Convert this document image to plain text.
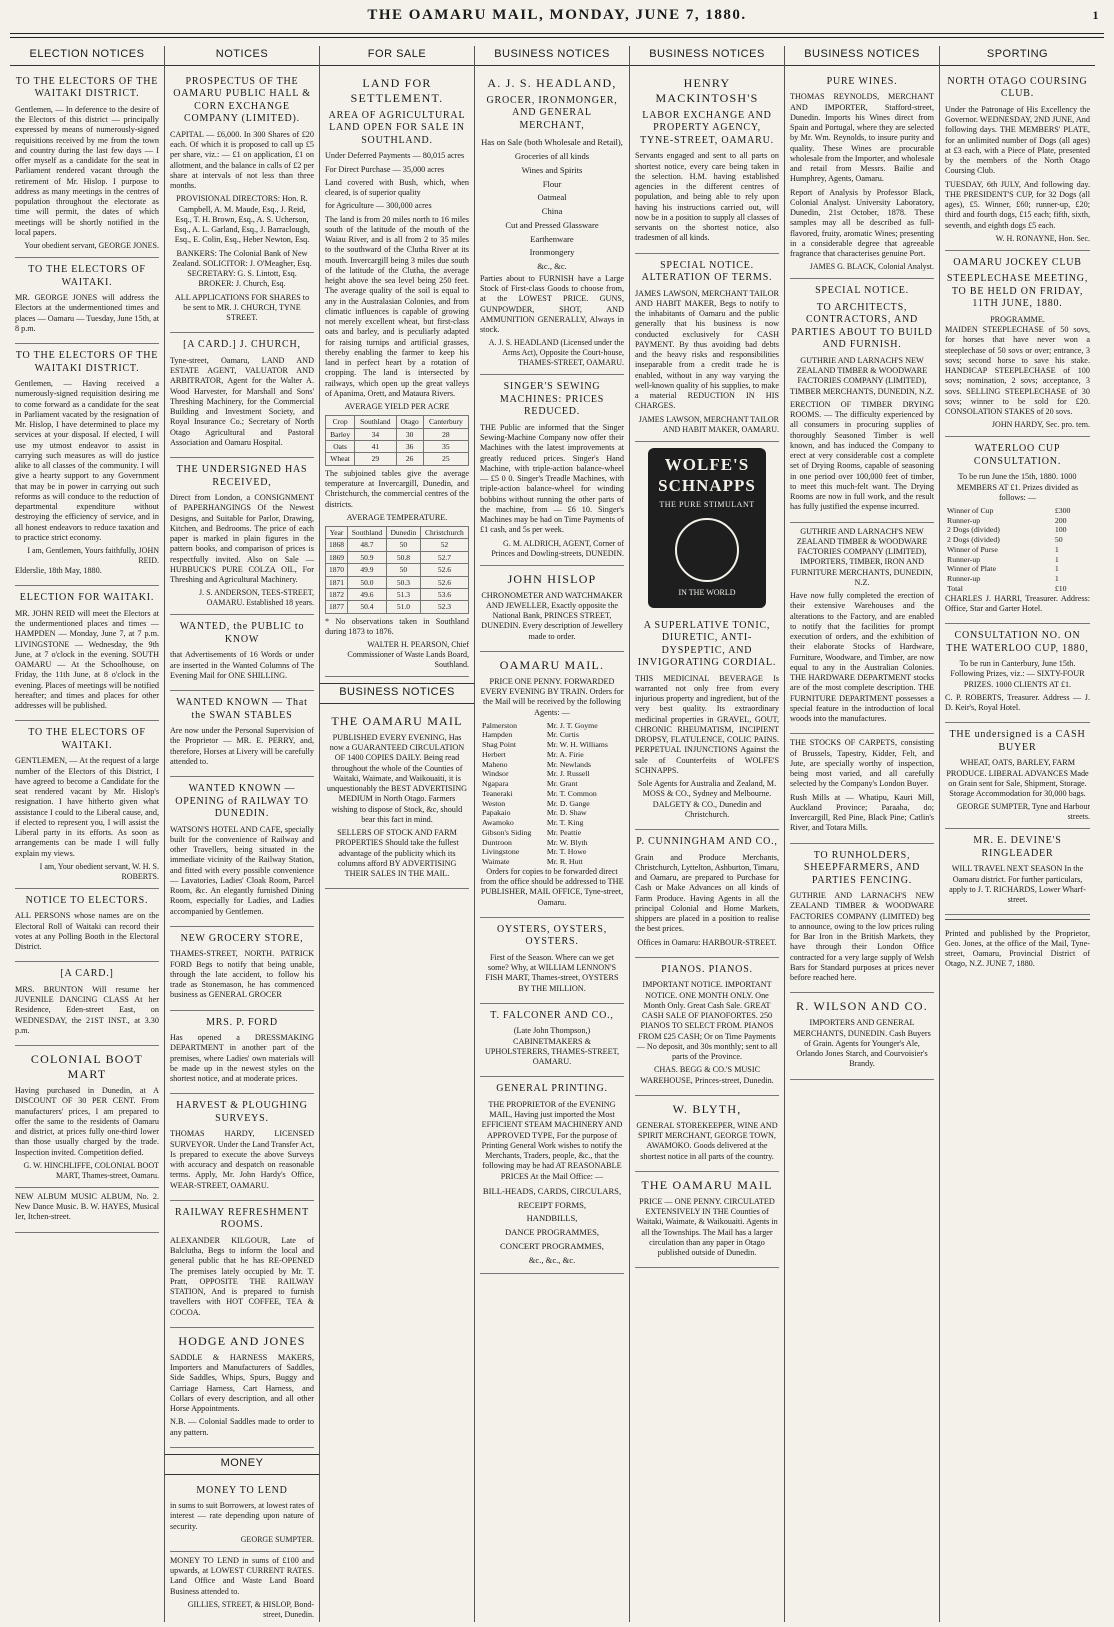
THE OAMARU MAIL, MONDAY, JUNE 7, 1880.	1
ELECTION NOTICES
TO THE ELECTORS OF THE WAITAKI DISTRICT.

Gentlemen, — In deference to the desire of the Electors of this district — principally expressed by means of numerously-signed requisitions received by me from the town and country during the last few days — I offer myself as a candidate for the seat in Parliament rendered vacant through the retirement of Mr. Hislop. I purpose to address as many meetings in the centres of population throughout the electorate as time will permit, the dates of which meetings will be shortly notified in the local papers.

Your obedient servant, GEORGE JONES.
TO THE ELECTORS OF WAITAKI.

MR. GEORGE JONES will address the Electors at the undermentioned times and places — Oamaru — Tuesday, June 15th, at 8 p.m.

TO THE ELECTORS OF THE WAITAKI DISTRICT.

Gentlemen, — Having received a numerously-signed requisition desiring me to come forward as a candidate for the seat in Parliament vacated by the resignation of Mr. Hislop, I have determined to place my services at your disposal. If elected, I will use my utmost endeavor to assist in carrying such measures as will do justice alike to all classes of the community. I will give a hearty support to any Government that may be in power in carrying out such reforms as will conduce to the reduction of departmental expenditure without destroying the efficiency of service, and in all honest endeavors to reduce taxation and to practice strict economy.

I am, Gentlemen, Yours faithfully, JOHN REID.

Elderslie, 18th May, 1880.

ELECTION FOR WAITAKI.

MR. JOHN REID will meet the Electors at the undermentioned places and times — HAMPDEN — Monday, June 7, at 7 p.m. LIVINGSTONE — Wednesday, the 9th June, at 7 o'clock in the evening. SOUTH OAMARU — At the Schoolhouse, on Friday, the 11th June, at 8 o'clock in the evening. Places of meetings will be notified hereafter; and times and places for other addresses will be published.

TO THE ELECTORS OF WAITAKI.

GENTLEMEN, — At the request of a large number of the Electors of this District, I have agreed to become a Candidate for the seat rendered vacant by Mr. Hislop's resignation. I have hitherto given what assistance I could to the Liberal cause, and, if elected to represent you, I will assist the Liberal party in its efforts. As soon as arrangements can be made I will fully explain my views.

I am, Your obedient servant, W. H. S. ROBERTS.
NOTICE TO ELECTORS.

ALL PERSONS whose names are on the Electoral Roll of Waitaki can record their votes at any Polling Booth in the Electoral District.

[A CARD.]

MRS. BRUNTON Will resume her JUVENILE DANCING CLASS At her Residence, Eden-street East, on WEDNESDAY, the 21ST INST., at 3.30 p.m.

COLONIAL BOOT MART

Having purchased in Dunedin, at A DISCOUNT OF 30 PER CENT. From manufacturers' prices, I am prepared to offer the same to the residents of Oamaru and district, at prices fully one-third lower than those usually charged by the trade. Inspection invited. Competition defied.

G. W. HINCHLIFFE, COLONIAL BOOT MART, Thames-street, Oamaru.

NEW ALBUM MUSIC ALBUM, No. 2. New Dance Music. B. W. HAYES, Musical Ier, Itchen-street.

NOTICES
PROSPECTUS OF THE OAMARU PUBLIC HALL & CORN EXCHANGE COMPANY (LIMITED).

CAPITAL — £6,000. In 300 Shares of £20 each. Of which it is proposed to call up £5 per share, viz.: — £1 on application, £1 on allotment, and the balance in calls of £2 per share at intervals of not less than three months.

PROVISIONAL DIRECTORS: Hon. R. Campbell, A. M. Maude, Esq., J. Reid, Esq., T. H. Brown, Esq., A. S. Ucherson, Esq., A. L. Garland, Esq., J. Barraclough, Esq., E. Colin, Esq., Heber Newton, Esq.

BANKERS: The Colonial Bank of New Zealand. SOLICITOR: J. O'Meagher, Esq. SECRETARY: G. S. Lintott, Esq. BROKER: J. Church, Esq.

ALL APPLICATIONS FOR SHARES to be sent to MR. J. CHURCH, TYNE STREET.

[A CARD.] J. CHURCH,

Tyne-street, Oamaru, LAND AND ESTATE AGENT, VALUATOR AND ARBITRATOR, Agent for the Walter A. Wood Harvester, for Marshall and Sons' Threshing Machinery, for the Commercial Building and Investment Society, and Royal Insurance Co.; Secretary of North Otago Agricultural and Pastoral Association and Oamaru Hospital.

THE UNDERSIGNED HAS RECEIVED,

Direct from London, a CONSIGNMENT of PAPERHANGINGS Of the Newest Designs, and Suitable for Parlor, Drawing, Kitchen, and Bedrooms. The price of each paper is marked in plain figures in the pattern books, and comparison of prices is respectfully invited. Also on Sale — HUBBUCK'S PURE COLZA OIL, For Threshing and Agricultural Machinery.

J. S. ANDERSON, TEES-STREET, OAMARU. Established 18 years.
WANTED, the PUBLIC to KNOW

that Advertisements of 16 Words or under are inserted in the Wanted Columns of The Evening Mail for ONE SHILLING.

WANTED KNOWN — That the SWAN STABLES

Are now under the Personal Supervision of the Proprietor — MR. E. PERRY, and, therefore, Horses at Livery will be carefully attended to.

WANTED KNOWN — OPENING of RAILWAY TO DUNEDIN.

WATSON'S HOTEL AND CAFE, specially built for the convenience of Railway and other Travellers, being situated in the immediate vicinity of the Railway Station, and fitted with every possible convenience — Lavatories, Ladies' Cloak Room, Parcel Room, &c. An elegantly furnished Dining Room, especially for Ladies, and Ladies accompanied by Gentlemen.

NEW GROCERY STORE,

THAMES-STREET, NORTH. PATRICK FORD Begs to notify that being unable, through the late accident, to follow his trade as Stonemason, he has commenced business as GENERAL GROCER

MRS. P. FORD

Has opened a DRESSMAKING DEPARTMENT in another part of the premises, where Ladies' own materials will be made up in the newest styles on the shortest notice, and at moderate prices.

HARVEST & PLOUGHING SURVEYS.

THOMAS HARDY, LICENSED SURVEYOR. Under the Land Transfer Act, Is prepared to execute the above Surveys with accuracy and despatch on reasonable terms. Apply, Mr. John Hardy's Office, WEAR-STREET, OAMARU.

RAILWAY REFRESHMENT ROOMS.

ALEXANDER KILGOUR, Late of Balclutha, Begs to inform the local and general public that he has RE-OPENED The premises lately occupied by Mr. T. Pratt, OPPOSITE THE RAILWAY STATION, And is prepared to furnish travellers with HOT COFFEE, TEA & COCOA.

HODGE AND JONES

SADDLE & HARNESS MAKERS, Importers and Manufacturers of Saddles, Side Saddles, Whips, Spurs, Buggy and Carriage Harness, Cart Harness, and Collars of every description, and all other Horse Appointments.

N.B. — Colonial Saddles made to order to any pattern.

MONEY
MONEY TO LEND

in sums to suit Borrowers, at lowest rates of interest — rate depending upon nature of security.

GEORGE SUMPTER.

MONEY TO LEND in sums of £100 and upwards, at LOWEST CURRENT RATES. Land Office and Waste Land Board Business attended to.

GILLIES, STREET, & HISLOP, Bond-street, Dunedin.
FOR SALE
LAND FOR SETTLEMENT.
AREA OF AGRICULTURAL LAND OPEN FOR SALE IN SOUTHLAND.

Under Deferred Payments — 80,015 acres

For Direct Purchase — 35,000 acres

Land covered with Bush, which, when cleared, is of superior quality

for Agriculture — 300,000 acres

The land is from 20 miles north to 16 miles south of the latitude of the mouth of the Waiau River, and is all from 2 to 35 miles to the southward of the Clutha River at its mouth. Invercargill being 3 miles due south of the latitude of the Clutha, the average height above the sea level being 250 feet. The average quality of the soil is equal to any in the Australasian Colonies, and from climatic influences is capable of growing not merely excellent wheat, but first-class oats and barley, and is peculiarly adapted for raising turnips and artificial grasses, thereby enabling the farmer to keep his land in perfect heart by a rotation of cropping. The land is intersected by railways, which open up the great valleys of Apanima, Orett, and Mataura Rivers.

AVERAGE YIELD PER ACRE
Crop	Southland	Otago	Canterbury
Barley	34	30	28
Oats	41	36	35
Wheat	29	26	25

The subjoined tables give the average temperature at Invercargill, Dunedin, and Christchurch, the commercial centres of the districts.

AVERAGE TEMPERATURE.
Year	Southland	Dunedin	Christchurch
1868	48.7	50	52
1869	50.9	50.8	52.7
1870	49.9	50	52.6
1871	50.0	50.3	52.6
1872	49.6	51.3	53.6
1877	50.4	51.0	52.3

* No observations taken in Southland during 1873 to 1876.

WALTER H. PEARSON, Chief Commissioner of Waste Lands Board, Southland.
BUSINESS NOTICES
THE OAMARU MAIL

PUBLISHED EVERY EVENING, Has now a GUARANTEED CIRCULATION OF 1400 COPIES DAILY. Being read throughout the whole of the Counties of Waitaki, Waimate, and Waikouaiti, it is unquestionably the BEST ADVERTISING MEDIUM in North Otago. Farmers wishing to dispose of Stock, &c, should bear this fact in mind.

SELLERS OF STOCK AND FARM PROPERTIES Should take the fullest advantage of the publicity which its columns afford BY ADVERTISING THEIR SALES IN THE MAIL.

BUSINESS NOTICES
A. J. S. HEADLAND,
GROCER, IRONMONGER, AND GENERAL MERCHANT,
Has on Sale (both Wholesale and Retail),
Groceries of all kinds
Wines and Spirits
Flour
Oatmeal
China
Cut and Pressed Glassware
Earthenware
Ironmongery
&c., &c.

Parties about to FURNISH have a Large Stock of First-class Goods to choose from, at the LOWEST PRICE. GUNS, GUNPOWDER, SHOT, AND AMMUNITION GENERALLY, Always in stock.

A. J. S. HEADLAND (Licensed under the Arms Act), Opposite the Court-house, THAMES-STREET, OAMARU.
SINGER'S SEWING MACHINES: PRICES REDUCED.

THE Public are informed that the Singer Sewing-Machine Company now offer their Machines with the latest improvements at greatly reduced prices. Singer's Hand Machine, with triple-action balance-wheel — £5 0 0. Singer's Treadle Machines, with triple-action balance-wheel for winding bobbins without running the other parts of the machine, from — £6 10. Singer's Machines may be had on Time Payments of £1 cash, and 5s per week.

G. M. ALDRICH, AGENT, Corner of Princes and Dowling-streets, DUNEDIN.
JOHN HISLOP

CHRONOMETER AND WATCHMAKER AND JEWELLER, Exactly opposite the National Bank, PRINCES STREET, DUNEDIN. Every description of Jewellery made to order.

OAMARU MAIL.

PRICE ONE PENNY. FORWARDED EVERY EVENING BY TRAIN. Orders for the Mail will be received by the following Agents: —

Palmerston	Mr. J. T. Goyme
Hampden	Mr. Curtis
Shag Point	Mr. W. H. Williams
Herbert	Mr. A. Firie
Maheno	Mr. Newlands
Windsor	Mr. J. Russell
Ngapara	Mr. Grant
Teaneraki	Mr. T. Common
Weston	Mr. D. Gange
Papakaio	Mr. D. Shaw
Awamoko	Mr. T. King
Gibson's Siding	Mr. Peattie
Duntroon	Mr. W. Blyth
Livingstone	Mr. T. Howe
Waimate	Mr. R. Hutt

Orders for copies to be forwarded direct from the office should be addressed to THE PUBLISHER, MAIL OFFICE, Tyne-street, Oamaru.

OYSTERS, OYSTERS, OYSTERS.

First of the Season. Where can we get some? Why, at WILLIAM LENNON'S FISH MART, Thames-street, OYSTERS BY THE MILLION.

T. FALCONER AND CO.,

(Late John Thompson,) CABINETMAKERS & UPHOLSTERERS, THAMES-STREET, OAMARU.

GENERAL PRINTING.

THE PROPRIETOR of the EVENING MAIL, Having just imported the Most EFFICIENT STEAM MACHINERY AND APPROVED TYPE, For the purpose of Printing General Work wishes to notify the Merchants, Traders, people, &c., that the following may be had AT REASONABLE PRICES At the Mail Office: —

BILL-HEADS, CARDS, CIRCULARS,
RECEIPT FORMS,
HANDBILLS,
DANCE PROGRAMMES,
CONCERT PROGRAMMES,
&c., &c., &c.
BUSINESS NOTICES
HENRY MACKINTOSH'S
LABOR EXCHANGE AND PROPERTY AGENCY, TYNE-STREET, OAMARU.

Servants engaged and sent to all parts on shortest notice, every care being taken in the selection. H.M. having established agencies in the different centres of population, and being able to rely upon having his instructions carried out, will now be in a position to supply all classes of servants on the shortest notice, also tradesmen of all kinds.

SPECIAL NOTICE. ALTERATION OF TERMS.

JAMES LAWSON, MERCHANT TAILOR AND HABIT MAKER, Begs to notify to the inhabitants of Oamaru and the public generally that his business is now conducted exclusively for CASH PAYMENT. By thus avoiding bad debts and the heavy risks and responsibilities inseparable from a credit trade he is enabled, without in any way varying the well-known quality of his supplies, to make a material REDUCTION IN HIS CHARGES.

JAMES LAWSON, MERCHANT TAILOR AND HABIT MAKER, OAMARU.
WOLFE'S
SCHNAPPS
THE PURE STIMULANT
IN THE WORLD
A SUPERLATIVE TONIC, DIURETIC, ANTI-DYSPEPTIC, AND INVIGORATING CORDIAL.

THIS MEDICINAL BEVERAGE Is warranted not only free from every injurious property and ingredient, but of the very best quality. Its extraordinary medicinal properties in GRAVEL, GOUT, CHRONIC RHEUMATISM, INCIPIENT DROPSY, FLATULENCE, COLIC PAINS. PERPETUAL INJUNCTIONS Against the sale of Counterfeits of WOLFE'S SCHNAPPS.

Sole Agents for Australia and Zealand, M. MOSS & CO., Sydney and Melbourne. DALGETY & CO., Dunedin and Christchurch.

P. CUNNINGHAM AND CO.,

Grain and Produce Merchants, Christchurch, Lyttelton, Ashburton, Timaru, and Oamaru, are prepared to Purchase for Cash or Make Advances on all kinds of Farm Produce. Having Agents in all the principal Colonial and Home Markets, shippers are placed in a position to realise the best prices.

Offices in Oamaru: HARBOUR-STREET.

PIANOS. PIANOS.

IMPORTANT NOTICE. IMPORTANT NOTICE. ONE MONTH ONLY. One Month Only. Great Cash Sale. GREAT CASH SALE OF PIANOFORTES. 250 PIANOS TO SELECT FROM. PIANOS FROM £25 CASH; Or on Time Payments — No deposit, and 30s monthly; sent to all parts of the Province.

CHAS. BEGG & CO.'S MUSIC WAREHOUSE, Princes-street, Dunedin.

W. BLYTH,

GENERAL STOREKEEPER, WINE AND SPIRIT MERCHANT, GEORGE TOWN, AWAMOKO. Goods delivered at the shortest notice in all parts of the country.

THE OAMARU MAIL

PRICE — ONE PENNY. CIRCULATED EXTENSIVELY IN THE Counties of Waitaki, Waimate, & Waikouaiti. Agents in all the Townships. The Mail has a larger circulation than any paper in Otago published outside of Dunedin.

BUSINESS NOTICES
PURE WINES.

THOMAS REYNOLDS, MERCHANT AND IMPORTER, Stafford-street, Dunedin. Imports his Wines direct from Spain and Portugal, where they are selected by Mr. Wm. Reynolds, to insure purity and quality. These Wines are procurable wholesale from the Importer, and wholesale and retail from Messrs. Bailie and Humphrey, Agents, Oamaru.

Report of Analysis by Professor Black, Colonial Analyst. University Laboratory, Dunedin, 21st October, 1878. These samples may all be described as full-flavored, fruity, aromatic Wines; presenting in a considerable degree that agreeable fragrance that characterises genuine Port.

JAMES G. BLACK, Colonial Analyst.
SPECIAL NOTICE.
TO ARCHITECTS, CONTRACTORS, AND PARTIES ABOUT TO BUILD AND FURNISH.

GUTHRIE AND LARNACH'S NEW ZEALAND TIMBER & WOODWARE FACTORIES COMPANY (LIMITED), TIMBER MERCHANTS, DUNEDIN, N.Z.

ERECTION OF TIMBER DRYING ROOMS. — The difficulty experienced by all consumers in procuring supplies of thoroughly Seasoned Timber is well known, and has induced the Company to erect at very considerable cost a complete set of Drying Rooms, capable of seasoning in one period over 100,000 feet of timber, to meet this much-felt want. The Drying Rooms are now in full work, and the result has fully justified the expense incurred.

GUTHRIE AND LARNACH'S NEW ZEALAND TIMBER & WOODWARE FACTORIES COMPANY (LIMITED), IMPORTERS, TIMBER, IRON AND FURNITURE MERCHANTS, DUNEDIN, N.Z.

Have now fully completed the erection of their extensive Warehouses and the alterations to the Factory, and are enabled to notify that the facilities for prompt execution of orders, and the exhibition of their elaborate Stocks of Hardware, Furniture, Woodware, and Timber, are now equal to any in the Australian Colonies. THE HARDWARE DEPARTMENT stocks are of the most complete description. THE FURNITURE DEPARTMENT possesses a special feature in the introduction of local woods into the manufactures.

THE STOCKS OF CARPETS, consisting of Brussels, Tapestry, Kidder, Felt, and Jute, are specially worthy of inspection, being most varied, and all carefully selected by the Company's London Buyer.

Rush Mills at — Whatipu, Kauri Mill, Auckland Province; Paraaha, do; Invercargill, Red Pine, Black Pine; Catlin's River, and Totara Mills.

TO RUNHOLDERS, SHEEPFARMERS, AND PARTIES FENCING.

GUTHRIE AND LARNACH'S NEW ZEALAND TIMBER & WOODWARE FACTORIES COMPANY (LIMITED) beg to announce, owing to the low prices ruling for Bar Iron in the British Markets, they have through their London Office contracted for a very large supply of Welsh Bars for Standard purposes at prices never before reached here.

R. WILSON AND CO.

IMPORTERS AND GENERAL MERCHANTS, DUNEDIN. Cash Buyers of Grain. Agents for Younger's Ale, Orlando Jones Starch, and Courvoisier's Brandy.

SPORTING
NORTH OTAGO COURSING CLUB.

Under the Patronage of His Excellency the Governor. WEDNESDAY, 2ND JUNE, And following days. THE MEMBERS' PLATE, for an unlimited number of Dogs (all ages) at £3 each, with a Piece of Plate, presented by the members of the North Otago Coursing Club.

TUESDAY, 6th JULY, And following day. THE PRESIDENT'S CUP, for 32 Dogs (all ages), £5. Winner, £60; runner-up, £20; third and fourth dogs, £15 each; fifth, sixth, seventh, and eighth dogs £5 each.

W. H. RONAYNE, Hon. Sec.
OAMARU JOCKEY CLUB
STEEPLECHASE MEETING, TO BE HELD ON FRIDAY, 11TH JUNE, 1880.
PROGRAMME.

MAIDEN STEEPLECHASE of 50 sovs, for horses that have never won a steeplechase of 50 sovs or over; entrance, 3 sovs; second horse to save his stake. HANDICAP STEEPLECHASE of 100 sovs; nomination, 2 sovs; acceptance, 3 sovs. SELLING STEEPLECHASE of 30 sovs; winner to be sold for £20. CONSOLATION STAKES of 20 sovs.

JOHN HARDY, Sec. pro. tem.
WATERLOO CUP CONSULTATION.

To be run June the 15th, 1880. 1000 MEMBERS AT £1. Prizes divided as follows: —

Winner of Cup	£300
Runner-up	200
2 Dogs (divided)	100
2 Dogs (divided)	50
Winner of Purse	1
Runner-up	1
Winner of Plate	1
Runner-up	1
Total	£10

CHARLES J. HARRI, Treasurer. Address: Office, Star and Garter Hotel.

CONSULTATION NO. ON THE WATERLOO CUP, 1880,

To be run in Canterbury, June 15th. Following Prizes, viz.: — SIXTY-FOUR PRIZES. 1000 CLIENTS AT £1.

C. P. ROBERTS, Treasurer. Address — J. D. Keir's, Royal Hotel.

THE undersigned is a CASH BUYER

WHEAT, OATS, BARLEY, FARM PRODUCE. LIBERAL ADVANCES Made on Grain sent for Sale, Shipment, Storage. Storage Accommodation for 30,000 bags.

GEORGE SUMPTER, Tyne and Harbour streets.
MR. E. DEVINE'S RINGLEADER

WILL TRAVEL NEXT SEASON In the Oamaru district. For further particulars, apply to J. T. RICHARDS, Lower Wharf-street.

Printed and published by the Proprietor, Geo. Jones, at the office of the Mail, Tyne-street, Oamaru, Provincial District of Otago, N.Z. JUNE 7, 1880.
